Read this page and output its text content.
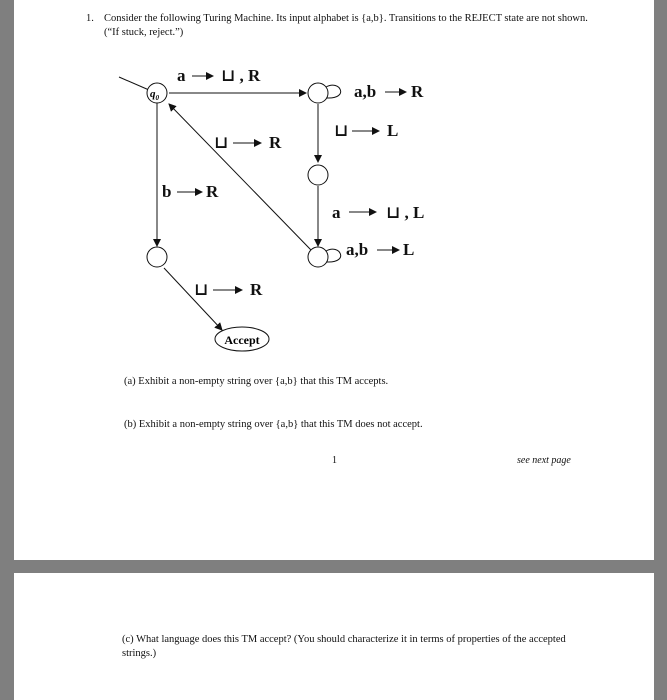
1. Consider the following Turing Machine. Its input alphabet is {a,b}. Transitions to the REJECT state are not shown. (“If stuck, reject.”)
$q_0$
Accept
a ⊔ , R
a,b R
⊔ L
⊔ R
b R
a	⊔ , L
a,b L
⊔ R
(a) Exhibit a non-empty string over {a,b} that this TM accepts.
(b) Exhibit a non-empty string over {a,b} that this TM does not accept.
1	see next page
(c) What language does this TM accept? (You should characterize it in terms of properties of the accepted strings.)
